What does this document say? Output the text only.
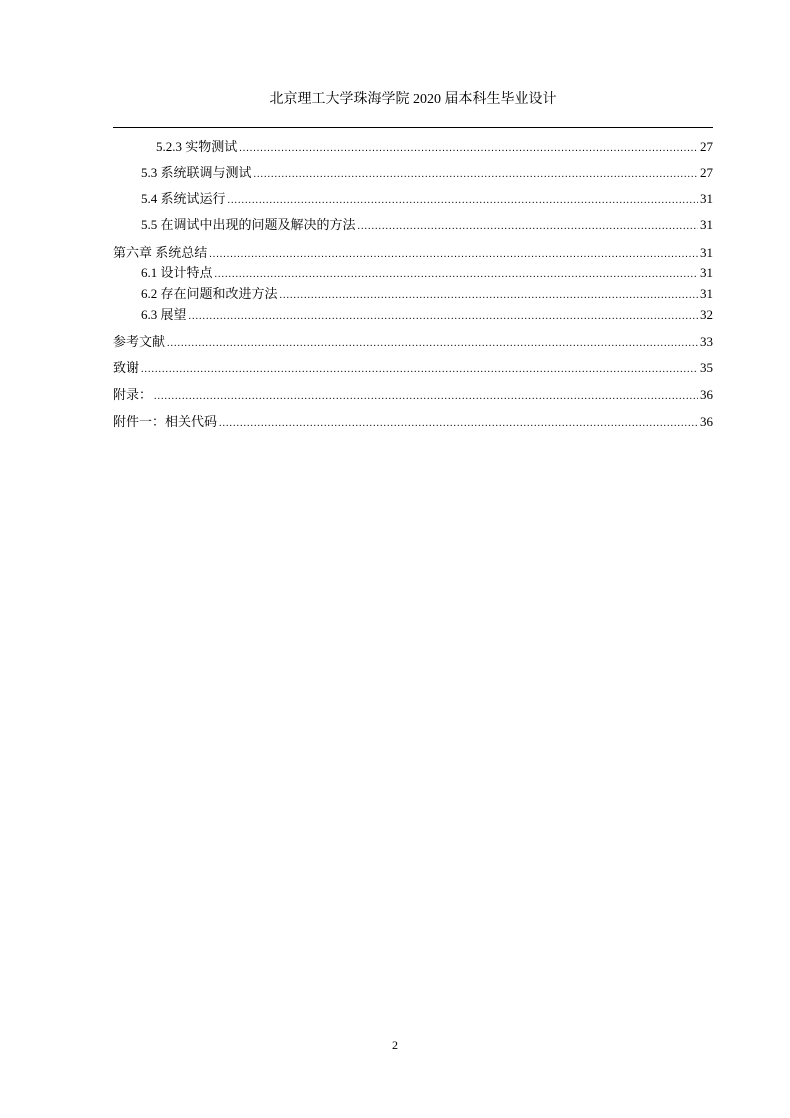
北京理工大学珠海学院 2020 届本科生毕业设计
5.2.3 实物测试 .....	27
5.3 系统联调与测试 .....	27
5.4 系统试运行 .....	31
5.5 在调试中出现的问题及解决的方法 .....	31
第六章 系统总结 .....	31
6.1 设计特点 .....	31
6.2 存在问题和改进方法 .....	31
6.3 展望 .....	32
参考文献 .....	33
致谢 .....	35
附录： .....	36
附件一：相关代码 .....	36
2
